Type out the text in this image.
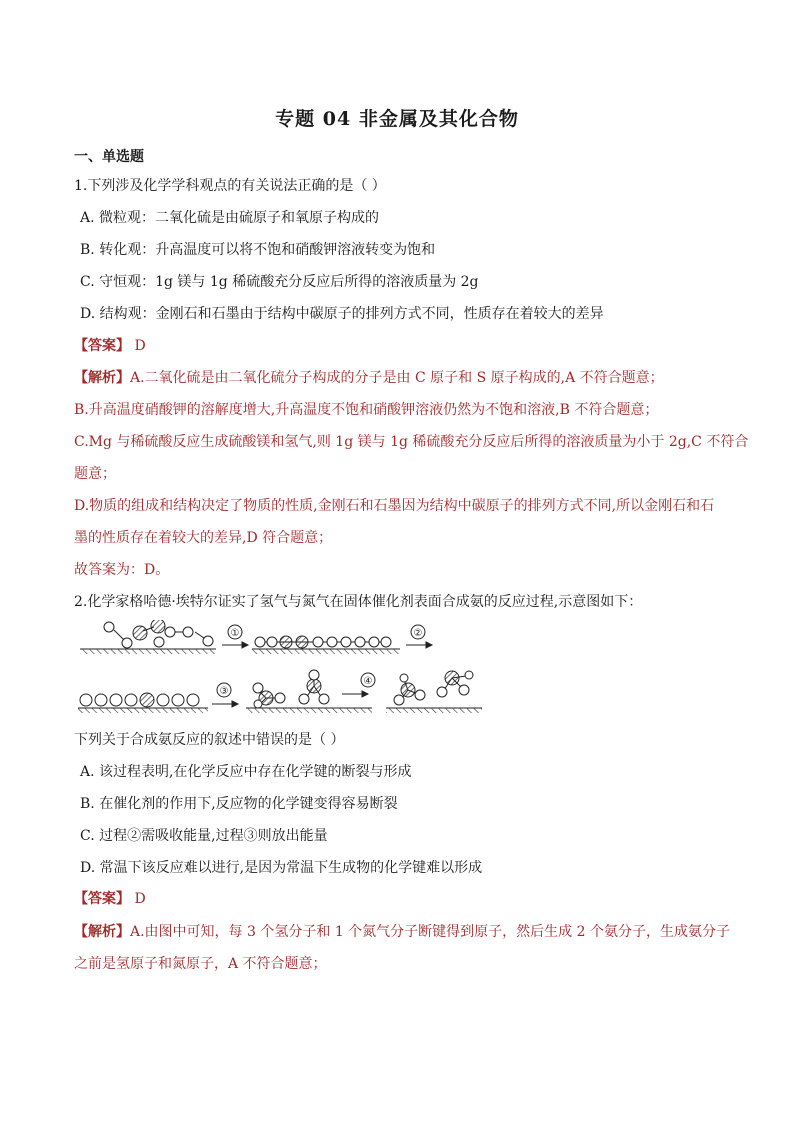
专题 04 非金属及其化合物
一、单选题
1.下列涉及化学学科观点的有关说法正确的是（ ）
A. 微粒观：二氧化硫是由硫原子和氧原子构成的
B. 转化观：升高温度可以将不饱和硝酸钾溶液转变为饱和
C. 守恒观：1g 镁与 1g 稀硫酸充分反应后所得的溶液质量为 2g
D. 结构观：金刚石和石墨由于结构中碳原子的排列方式不同，性质存在着较大的差异
【答案】 D
【解析】A.二氧化硫是由二氧化硫分子构成的分子是由 C 原子和 S 原子构成的,A 不符合题意；
B.升高温度硝酸钾的溶解度增大,升高温度不饱和硝酸钾溶液仍然为不饱和溶液,B 不符合题意；
C.Mg 与稀硫酸反应生成硫酸镁和氢气,则 1g 镁与 1g 稀硫酸充分反应后所得的溶液质量为小于 2g,C 不符合
题意；
D.物质的组成和结构决定了物质的性质,金刚石和石墨因为结构中碳原子的排列方式不同,所以金刚石和石
墨的性质存在着较大的差异,D 符合题意；
故答案为：D。
2.化学家格哈德·埃特尔证实了氢气与氮气在固体催化剂表面合成氨的反应过程,示意图如下：
①	②
③
④
下列关于合成氨反应的叙述中错误的是（ ）
A. 该过程表明,在化学反应中存在化学键的断裂与形成
B. 在催化剂的作用下,反应物的化学键变得容易断裂
C. 过程②需吸收能量,过程③则放出能量
D. 常温下该反应难以进行,是因为常温下生成物的化学键难以形成
【答案】 D
【解析】A.由图中可知，每 3 个氢分子和 1 个氮气分子断键得到原子，然后生成 2 个氨分子，生成氨分子
之前是氢原子和氮原子，A 不符合题意；
